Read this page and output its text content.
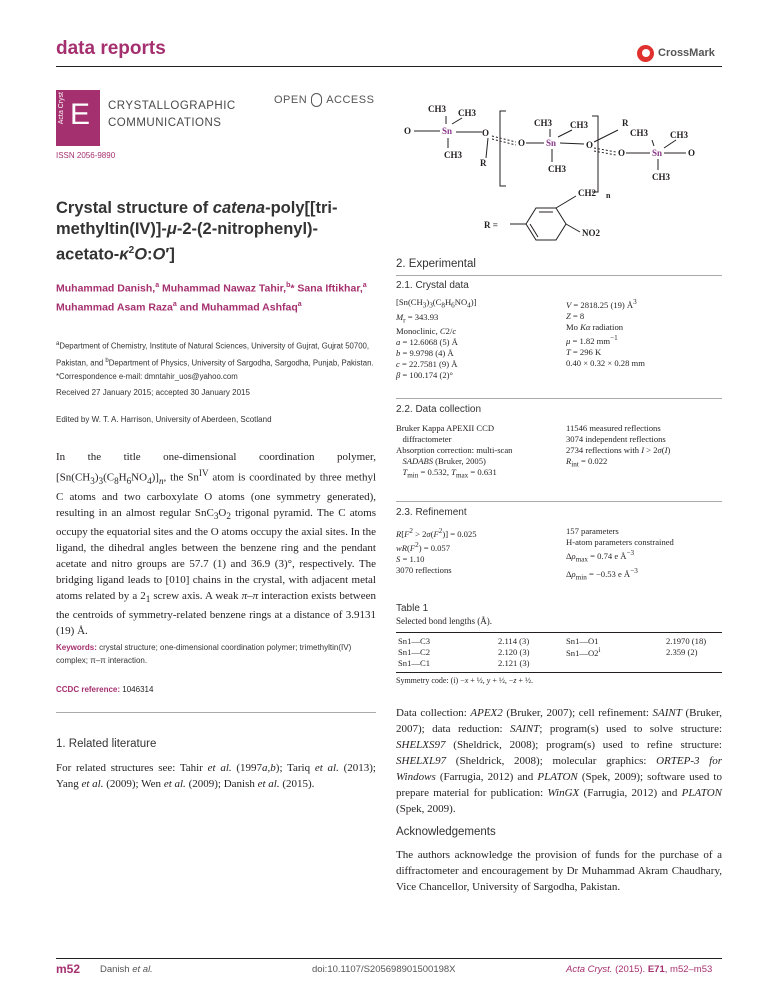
data reports	CrossMark
Acta Cryst E CRYSTALLOGRAPHIC
COMMUNICATIONS
OPEN ACCESS
ISSN 2056-9890
Crystal structure of catena-$poly[[tri-methyltin(IV)]-\mu-2-(2-nitrophenyl)-acetato-\kappa^2O:O']$
Muhammad Danish,$^a$ Muhammad Nawaz Tahir,$^b$* Sana Iftikhar,$^a$ Muhammad Asam Raza$^a$ and Muhammad Ashfaq$^a$
$^a$Department of Chemistry, Institute of Natural Sciences, University of Gujrat, Gujrat 50700, Pakistan, and $^b$Department of Physics, University of Sargodha, Sargodha, Punjab, Pakistan. *Correspondence e-mail: dmntahir_uos@yahoo.com
Received 27 January 2015; accepted 30 January 2015
Edited by W. T. A. Harrison, University of Aberdeen, Scotland
In the title one-dimensional coordination polymer, $[Sn(CH_3)_3(C_8H_6NO_4)]_n$, the $Sn^{IV}$ atom is coordinated by three methyl C atoms and two carboxylate O atoms (one symmetry generated), resulting in an almost regular $SnC_3O_2$ trigonal pyramid. The C atoms occupy the equatorial sites and the O atoms occupy the axial sites. In the ligand, the dihedral angles between the benzene ring and the pendant acetate and nitro groups are 57.7 (1) and 36.9 (3)°, respectively. The bridging ligand leads to [010] chains in the crystal, with adjacent metal atoms related by a $2_1$ screw axis. A weak π–π interaction exists between the centroids of symmetry-related benzene rings at a distance of 3.9131 (19) Å.
Keywords: crystal structure; one-dimensional coordination polymer; trimethyltin(IV) complex; π–π interaction.
CCDC reference: 1046314
1. Related literature
For related structures see: Tahir et al. (1997a,b); Tariq et al. (2013); Yang et al. (2009); Wen et al. (2009); Danish et al. (2015).
CH3 CH3
O	Sn
CH3
O
R
O
CH3 CH3
Sn
CH3
O
R
O
CH3 CH3
Sn
CH3
O
n
R =
CH2
NO2
2. Experimental
2.1. Crystal data
$[Sn(CH_3)_3(C_8H_6NO_4)]$
$M_r = 343.93$
Monoclinic, C2/c
a = 12.6068 (5) Å
b = 9.9798 (4) Å
c = 22.7581 (9) Å
β = 100.174 (2)°
V = 2818.25 (19) $Å^3$
Z = 8
Mo Kα radiation
μ = 1.82 $mm^{-1}$
T = 296 K
0.40 × 0.32 × 0.28 mm
2.2. Data collection
Bruker Kappa APEXII CCD
diffractometer
Absorption correction: multi-scan
SADABS (Bruker, 2005)
$T_{min} = 0.532$, $T_{max} = 0.631$
11546 measured reflections
3074 independent reflections
2734 reflections with I > 2σ(I)
$R_{int} = 0.022$
2.3. Refinement
$R[F^2 > 2\sigma(F^2)] = 0.025$
$wR(F^2) = 0.057$
S = 1.10
3070 reflections
157 parameters
H-atom parameters constrained
$\Delta\rho_{max} = 0.74$ e $Å^{-3}$
$\Delta\rho_{min} = -0.53$ e $Å^{-3}$
Table 1
Selected bond lengths (Å).
Sn1—C3	2.114 (3)	Sn1—O1	2.1970 (18)
Sn1—C2	2.120 (3)	Sn1—O2$^i$	2.359 (2)
Sn1—C1	2.121 (3)		
Symmetry code: (i) −x + ½, y + ½, −z + ½.
Data collection: APEX2 (Bruker, 2007); cell refinement: SAINT (Bruker, 2007); data reduction: SAINT; program(s) used to solve structure: SHELXS97 (Sheldrick, 2008); program(s) used to refine structure: SHELXL97 (Sheldrick, 2008); molecular graphics: ORTEP-3 for Windows (Farrugia, 2012) and PLATON (Spek, 2009); software used to prepare material for publication: WinGX (Farrugia, 2012) and PLATON (Spek, 2009).
Acknowledgements
The authors acknowledge the provision of funds for the purchase of a diffractometer and encouragement by Dr Muhammad Akram Chaudhary, Vice Chancellor, University of Sargodha, Pakistan.
m52 Danish et al.	doi:10.1107/S205698901500198X	Acta Cryst. (2015). E71, m52–m53
